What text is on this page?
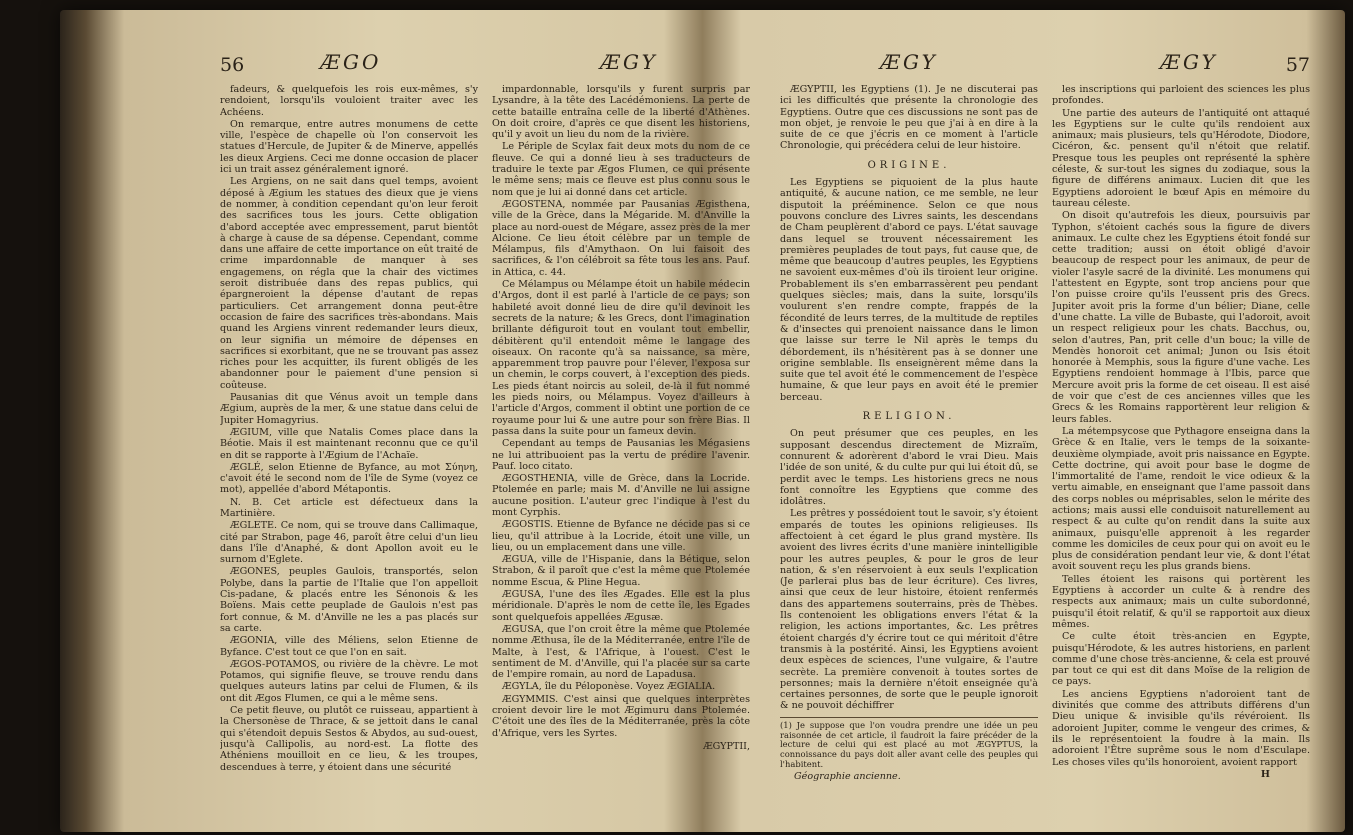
56	ÆGO	ÆGY

fadeurs, & quelquefois les rois eux-mêmes, s'y rendoient, lorsqu'ils vouloient traiter avec les Achéens.

On remarque, entre autres monumens de cette ville, l'espèce de chapelle où l'on conservoit les statues d'Hercule, de Jupiter & de Minerve, appellés les dieux Argiens. Ceci me donne occasion de placer ici un trait assez généralement ignoré.

Les Argiens, on ne sait dans quel temps, avoient déposé à Ægium les statues des dieux que je viens de nommer, à condition cependant qu'on leur feroit des sacrifices tous les jours. Cette obligation d'abord acceptée avec empressement, parut bientôt à charge à cause de sa dépense. Cependant, comme dans une affaire de cette importance on eût traité de crime impardonnable de manquer à ses engagemens, on régla que la chair des victimes seroit distribuée dans des repas publics, qui épargneroient la dépense d'autant de repas particuliers. Cet arrangement donna peut-être occasion de faire des sacrifices très-abondans. Mais quand les Argiens vinrent redemander leurs dieux, on leur signifia un mémoire de dépenses en sacrifices si exorbitant, que ne se trouvant pas assez riches pour les acquitter, ils furent obligés de les abandonner pour le paiement d'une pension si coûteuse.

Pausanias dit que Vénus avoit un temple dans Ægium, auprès de la mer, & une statue dans celui de Jupiter Homagyrius.

ÆGIUM, ville que Natalis Comes place dans la Béotie. Mais il est maintenant reconnu que ce qu'il en dit se rapporte à l'Ægium de l'Achaïe.

ÆGLÉ, selon Etienne de Byfance, au mot Σύηνη, c'avoit été le second nom de l'île de Syme (voyez ce mot), appellée d'abord Métapontis.

N. B. Cet article est défectueux dans la Martinière.

ÆGLETE. Ce nom, qui se trouve dans Callimaque, cité par Strabon, page 46, paroît être celui d'un lieu dans l'île d'Anaphé, & dont Apollon avoit eu le surnom d'Eglete.

ÆGONES, peuples Gaulois, transportés, selon Polybe, dans la partie de l'Italie que l'on appelloit Cis-padane, & placés entre les Sénonois & les Boïens. Mais cette peuplade de Gaulois n'est pas fort connue, & M. d'Anville ne les a pas placés sur sa carte.

ÆGONIA, ville des Méliens, selon Etienne de Byfance. C'est tout ce que l'on en sait.

ÆGOS-POTAMOS, ou rivière de la chèvre. Le mot Potamos, qui signifie fleuve, se trouve rendu dans quelques auteurs latins par celui de Flumen, & ils ont dit Ægos Flumen, ce qui a le même sens.

Ce petit fleuve, ou plutôt ce ruisseau, appartient à la Chersonèse de Thrace, & se jettoit dans le canal qui s'étendoit depuis Sestos & Abydos, au sud-ouest, jusqu'à Callipolis, au nord-est. La flotte des Athéniens mouilloit en ce lieu, & les troupes, descendues à terre, y étoient dans une sécurité

impardonnable, lorsqu'ils y furent surpris par Lysandre, à la tête des Lacédémoniens. La perte de cette bataille entraîna celle de la liberté d'Athènes. On doit croire, d'après ce que disent les historiens, qu'il y avoit un lieu du nom de la rivière.

Le Périple de Scylax fait deux mots du nom de ce fleuve. Ce qui a donné lieu à ses traducteurs de traduire le texte par Ægos Flumen, ce qui présente le même sens; mais ce fleuve est plus connu sous le nom que je lui ai donné dans cet article.

ÆGOSTENA, nommée par Pausanias Ægisthena, ville de la Grèce, dans la Mégaride. M. d'Anville la place au nord-ouest de Mégare, assez près de la mer Alcione. Ce lieu étoit célèbre par un temple de Mélampus, fils d'Amythaon. On lui faisoit des sacrifices, & l'on célébroit sa fête tous les ans. Pauf. in Attica, c. 44.

Ce Mélampus ou Mélampe étoit un habile médecin d'Argos, dont il est parlé à l'article de ce pays; son habileté avoit donné lieu de dire qu'il devinoit les secrets de la nature; & les Grecs, dont l'imagination brillante défiguroit tout en voulant tout embellir, débitèrent qu'il entendoit même le langage des oiseaux. On raconte qu'à sa naissance, sa mère, apparemment trop pauvre pour l'élever, l'exposa sur un chemin, le corps couvert, à l'exception des pieds. Les pieds étant noircis au soleil, de-là il fut nommé les pieds noirs, ou Mélampus. Voyez d'ailleurs à l'article d'Argos, comment il obtint une portion de ce royaume pour lui & une autre pour son frère Bias. Il passa dans la suite pour un fameux devin.

Cependant au temps de Pausanias les Mégasiens ne lui attribuoient pas la vertu de prédire l'avenir. Pauf. loco citato.

ÆGOSTHENIA, ville de Grèce, dans la Locride. Ptolemée en parle; mais M. d'Anville ne lui assigne aucune position. L'auteur grec l'indique à l'est du mont Cyrphis.

ÆGOSTIS. Etienne de Byfance ne décide pas si ce lieu, qu'il attribue à la Locride, étoit une ville, un lieu, ou un emplacement dans une ville.

ÆGUA, ville de l'Hispanie, dans la Bétique, selon Strabon, & il paroît que c'est la même que Ptolemée nomme Escua, & Pline Hegua.

ÆGUSA, l'une des îles Ægades. Elle est la plus méridionale. D'après le nom de cette île, les Egades sont quelquefois appellées Ægusæ.

ÆGUSA, que l'on croit être la même que Ptolemée nomme Æthusa, île de la Méditerranée, entre l'île de Malte, à l'est, & l'Afrique, à l'ouest. C'est le sentiment de M. d'Anville, qui l'a placée sur sa carte de l'empire romain, au nord de Lapadusa.

ÆGYLA, île du Péloponèse. Voyez ÆGIALIA.

ÆGYMMIS. C'est ainsi que quelques interprètes croient devoir lire le mot Ægimuru dans Ptolemée. C'étoit une des îles de la Méditerranée, près la côte d'Afrique, vers les Syrtes.

ÆGYPTII,

ÆGY	ÆGY	57

ÆGYPTII, les Egyptiens (1). Je ne discuterai pas ici les difficultés que présente la chronologie des Egyptiens. Outre que ces discussions ne sont pas de mon objet, je renvoie le peu que j'ai à en dire à la suite de ce que j'écris en ce moment à l'article Chronologie, qui précédera celui de leur histoire.

ORIGINE.

Les Egyptiens se piquoient de la plus haute antiquité, & aucune nation, ce me semble, ne leur disputoit la prééminence. Selon ce que nous pouvons conclure des Livres saints, les descendans de Cham peuplèrent d'abord ce pays. L'état sauvage dans lequel se trouvent nécessairement les premières peuplades de tout pays, fut cause que, de même que beaucoup d'autres peuples, les Egyptiens ne savoient eux-mêmes d'où ils tiroient leur origine. Probablement ils s'en embarrassèrent peu pendant quelques siècles; mais, dans la suite, lorsqu'ils voulurent s'en rendre compte, frappés de la fécondité de leurs terres, de la multitude de reptiles & d'insectes qui prenoient naissance dans le limon que laisse sur terre le Nil après le temps du débordement, ils n'hésitèrent pas à se donner une origine semblable. Ils enseignèrent même dans la suite que tel avoit été le commencement de l'espèce humaine, & que leur pays en avoit été le premier berceau.

RELIGION.

On peut présumer que ces peuples, en les supposant descendus directement de Mizraïm, connurent & adorèrent d'abord le vrai Dieu. Mais l'idée de son unité, & du culte pur qui lui étoit dû, se perdit avec le temps. Les historiens grecs ne nous font connoître les Egyptiens que comme des idolâtres.

Les prêtres y possédoient tout le savoir, s'y étoient emparés de toutes les opinions religieuses. Ils affectoient à cet égard le plus grand mystère. Ils avoient des livres écrits d'une manière inintelligible pour les autres peuples, & pour le gros de leur nation, & s'en réservoient à eux seuls l'explication (Je parlerai plus bas de leur écriture). Ces livres, ainsi que ceux de leur histoire, étoient renfermés dans des appartemens souterrains, près de Thèbes. Ils contenoient les obligations envers l'état & la religion, les actions importantes, &c. Les prêtres étoient chargés d'y écrire tout ce qui méritoit d'être transmis à la postérité. Ainsi, les Egyptiens avoient deux espèces de sciences, l'une vulgaire, & l'autre secrète. La première convenoit à toutes sortes de personnes; mais la dernière n'étoit enseignée qu'à certaines personnes, de sorte que le peuple ignoroit & ne pouvoit déchiffrer

(1) Je suppose que l'on voudra prendre une idée un peu raisonnée de cet article, il faudroit la faire précéder de la lecture de celui qui est placé au mot ÆGYPTUS, la connoissance du pays doit aller avant celle des peuples qui l'habitent.

Géographie ancienne.

les inscriptions qui parloient des sciences les plus profondes.

Une partie des auteurs de l'antiquité ont attaqué les Egyptiens sur le culte qu'ils rendoient aux animaux; mais plusieurs, tels qu'Hérodote, Diodore, Cicéron, &c. pensent qu'il n'étoit que relatif. Presque tous les peuples ont représenté la sphère céleste, & sur-tout les signes du zodiaque, sous la figure de différens animaux. Lucien dit que les Egyptiens adoroient le bœuf Apis en mémoire du taureau céleste.

On disoit qu'autrefois les dieux, poursuivis par Typhon, s'étoient cachés sous la figure de divers animaux. Le culte chez les Egyptiens étoit fondé sur cette tradition; aussi on étoit obligé d'avoir beaucoup de respect pour les animaux, de peur de violer l'asyle sacré de la divinité. Les monumens qui l'attestent en Egypte, sont trop anciens pour que l'on puisse croire qu'ils l'eussent pris des Grecs. Jupiter avoit pris la forme d'un bélier; Diane, celle d'une chatte. La ville de Bubaste, qui l'adoroit, avoit un respect religieux pour les chats. Bacchus, ou, selon d'autres, Pan, prit celle d'un bouc; la ville de Mendès honoroit cet animal; Junon ou Isis étoit honorée à Memphis, sous la figure d'une vache. Les Egyptiens rendoient hommage à l'Ibis, parce que Mercure avoit pris la forme de cet oiseau. Il est aisé de voir que c'est de ces anciennes villes que les Grecs & les Romains rapportèrent leur religion & leurs fables.

La métempsycose que Pythagore enseigna dans la Grèce & en Italie, vers le temps de la soixante-deuxième olympiade, avoit pris naissance en Egypte. Cette doctrine, qui avoit pour base le dogme de l'immortalité de l'ame, rendoit le vice odieux & la vertu aimable, en enseignant que l'ame passoit dans des corps nobles ou méprisables, selon le mérite des actions; mais aussi elle conduisoit naturellement au respect & au culte qu'on rendit dans la suite aux animaux, puisqu'elle apprenoit à les regarder comme les domiciles de ceux pour qui on avoit eu le plus de considération pendant leur vie, & dont l'état avoit souvent reçu les plus grands biens.

Telles étoient les raisons qui portèrent les Egyptiens à accorder un culte & à rendre des respects aux animaux; mais un culte subordonné, puisqu'il étoit relatif, & qu'il se rapportoit aux dieux mêmes.

Ce culte étoit très-ancien en Egypte, puisqu'Hérodote, & les autres historiens, en parlent comme d'une chose très-ancienne, & cela est prouvé par tout ce qui est dit dans Moïse de la religion de ce pays.

Les anciens Egyptiens n'adoroient tant de divinités que comme des attributs différens d'un Dieu unique & invisible qu'ils révéroient. Ils adoroient Jupiter, comme le vengeur des crimes, & ils le représentoient la foudre à la main. Ils adoroient l'Être suprême sous le nom d'Esculape. Les choses viles qu'ils honoroient, avoient rapport

H
